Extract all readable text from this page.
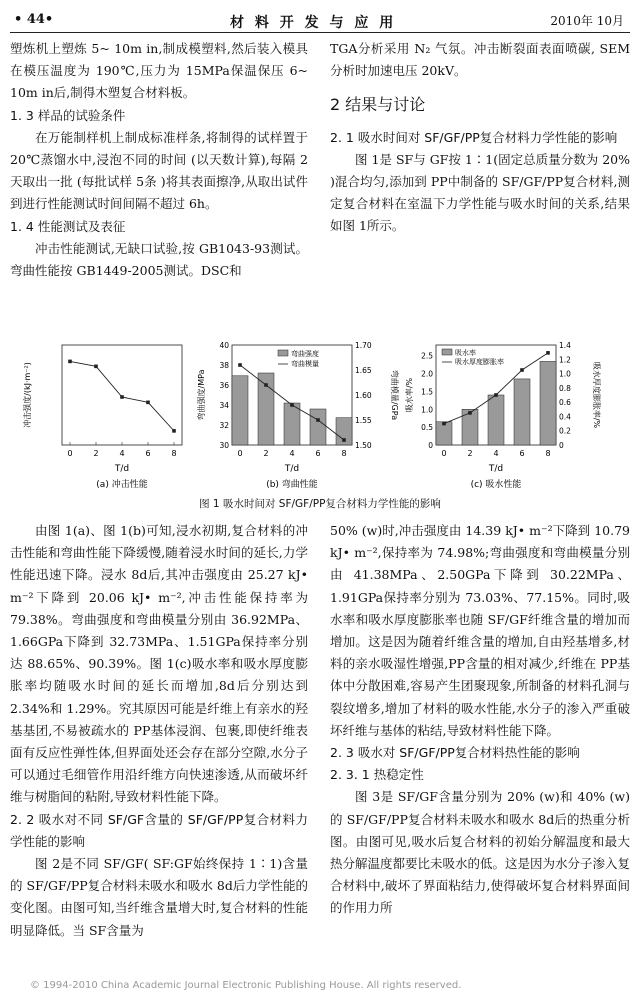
• 44•	材 料 开 发 与 应 用	2010年 10月

塑炼机上塑炼 5~ 10m in,制成模塑料,然后装入模具在模压温度为 190℃,压力为 15MPa保温保压 6~ 10m in后,制得木塑复合材料板。

1. 3 样品的试验条件

在万能制样机上制成标准样条,将制得的试样置于 20℃蒸馏水中,浸泡不同的时间 (以天数计算),每隔 2天取出一批 (每批试样 5条 )将其表面擦净,从取出试件到进行性能测试时间间隔不超过 6h。

1. 4 性能测试及表征

冲击性能测试,无缺口试验,按 GB1043-93测试。弯曲性能按 GB1449-2005测试。DSC和

TGA分析采用 N₂ 气氛。冲击断裂面表面喷碳, SEM分析时加速电压 20kV。

2 结果与讨论

2. 1 吸水时间对 SF/GF/PP复合材料力学性能的影响

图 1是 SF与 GF按 1∶1(固定总质量分数为 20% )混合均匀,添加到 PP中制备的 SF/GF/PP复合材料,测定复合材料在室温下力学性能与吸水时间的关系,结果如图 1所示。

冲击强度/(kJ·m⁻²)
0	2	4	6	8
T/d
(a) 冲击性能
弯曲强度/MPa	弯曲模量/GPa
0	2	4	6	8
30
32
34
36
38
40
1.50
1.55
1.60
1.65
1.70
弯曲强度
弯曲模量
T/d
(b) 弯曲性能
吸水率/%	吸水厚度膨胀率/%
0	2	4	6	8
0
0.5
1.0
1.5
2.0
2.5
0
0.2
0.4
0.6
0.8
1.0
1.2
1.4
吸水率
吸水厚度膨胀率
T/d
(c) 吸水性能
图 1 吸水时间对 SF/GF/PP复合材料力学性能的影响

由图 1(a)、图 1(b)可知,浸水初期,复合材料的冲击性能和弯曲性能下降缓慢,随着浸水时间的延长,力学性能迅速下降。浸水 8d后,其冲击强度由 25.27 kJ• m⁻²下降到 20.06 kJ• m⁻²,冲击性能保持率为 79.38%。弯曲强度和弯曲模量分别由 36.92MPa、1.66GPa下降到 32.73MPa、1.51GPa保持率分别达 88.65%、90.39%。图 1(c)吸水率和吸水厚度膨胀率均随吸水时间的延长而增加,8d后分别达到 2.34%和 1.29%。究其原因可能是纤维上有亲水的羟基基团,不易被疏水的 PP基体浸润、包裹,即使纤维表面有反应性弹性体,但界面处还会存在部分空隙,水分子可以通过毛细管作用沿纤维方向快速渗透,从而破坏纤维与树脂间的粘附,导致材料性能下降。

2. 2 吸水对不同 SF/GF含量的 SF/GF/PP复合材料力学性能的影响

图 2是不同 SF/GF( SF:GF始终保持 1∶1)含量的 SF/GF/PP复合材料未吸水和吸水 8d后力学性能的变化图。由图可知,当纤维含量增大时,复合材料的性能明显降低。当 SF含量为

50% (w)时,冲击强度由 14.39 kJ• m⁻²下降到 10.79 kJ• m⁻²,保持率为 74.98%;弯曲强度和弯曲模量分别由 41.38MPa、2.50GPa下降到 30.22MPa、1.91GPa保持率分别为 73.03%、77.15%。同时,吸水率和吸水厚度膨胀率也随 SF/GF纤维含量的增加而增加。这是因为随着纤维含量的增加,自由羟基增多,材料的亲水吸湿性增强,PP含量的相对减少,纤维在 PP基体中分散困难,容易产生团聚现象,所制备的材料孔洞与裂纹增多,增加了材料的吸水性能,水分子的渗入严重破坏纤维与基体的粘结,导致材料性能下降。

2. 3 吸水对 SF/GF/PP复合材料热性能的影响

2. 3. 1 热稳定性

图 3是 SF/GF含量分别为 20% (w)和 40% (w)的 SF/GF/PP复合材料未吸水和吸水 8d后的热重分析图。由图可见,吸水后复合材料的初始分解温度和最大热分解温度都要比未吸水的低。这是因为水分子渗入复合材料中,破坏了界面粘结力,使得破坏复合材料界面间的作用力所

© 1994-2010 China Academic Journal Electronic Publishing House. All rights reserved.
